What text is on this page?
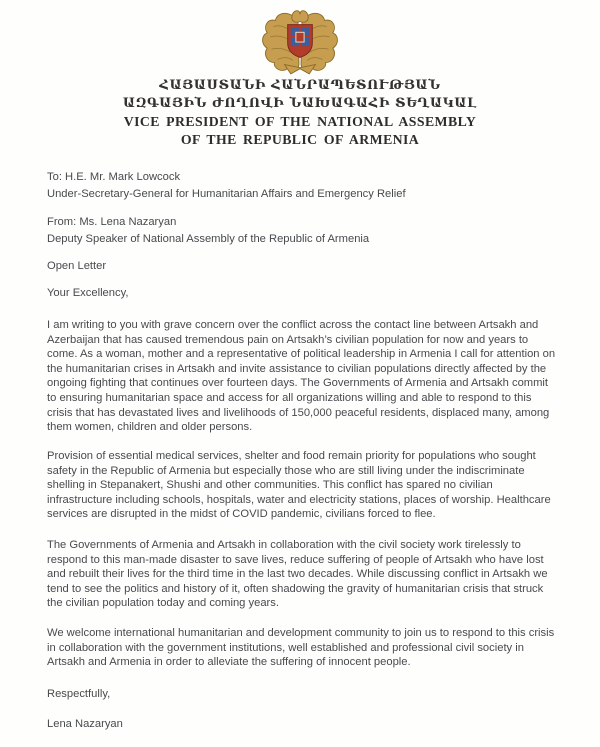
ՀԱՅԱՍՏԱՆԻ ՀԱՆՐԱՊԵՏՈՒԹՅԱՆ
ԱԶԳԱՅԻՆ ԺՈՂՈՎԻ ՆԱԽԱԳԱՀԻ ՏԵՂԱԿԱԼ
VICE PRESIDENT OF THE NATIONAL ASSEMBLY
OF THE REPUBLIC OF ARMENIA
To: H.E. Mr. Mark Lowcock
Under-Secretary-General for Humanitarian Affairs and Emergency Relief
From: Ms. Lena Nazaryan
Deputy Speaker of National Assembly of the Republic of Armenia
Open Letter
Your Excellency,
I am writing to you with grave concern over the conflict across the contact line between Artsakh and Azerbaijan that has caused tremendous pain on Artsakh’s civilian population for now and years to come. As a woman, mother and a representative of political leadership in Armenia I call for attention on the humanitarian crises in Artsakh and invite assistance to civilian populations directly affected by the ongoing fighting that continues over fourteen days. The Governments of Armenia and Artsakh commit to ensuring humanitarian space and access for all organizations willing and able to respond to this crisis that has devastated lives and livelihoods of 150,000 peaceful residents, displaced many, among them women, children and older persons.
Provision of essential medical services, shelter and food remain priority for populations who sought safety in the Republic of Armenia but especially those who are still living under the indiscriminate shelling in Stepanakert, Shushi and other communities. This conflict has spared no civilian infrastructure including schools, hospitals, water and electricity stations, places of worship. Healthcare services are disrupted in the midst of COVID pandemic, civilians forced to flee.
The Governments of Armenia and Artsakh in collaboration with the civil society work tirelessly to respond to this man-made disaster to save lives, reduce suffering of people of Artsakh who have lost and rebuilt their lives for the third time in the last two decades. While discussing conflict in Artsakh we tend to see the politics and history of it, often shadowing the gravity of humanitarian crisis that struck the civilian population today and coming years.
We welcome international humanitarian and development community to join us to respond to this crisis in collaboration with the government institutions, well established and professional civil society in Artsakh and Armenia in order to alleviate the suffering of innocent people.
Respectfully,
Lena Nazaryan
